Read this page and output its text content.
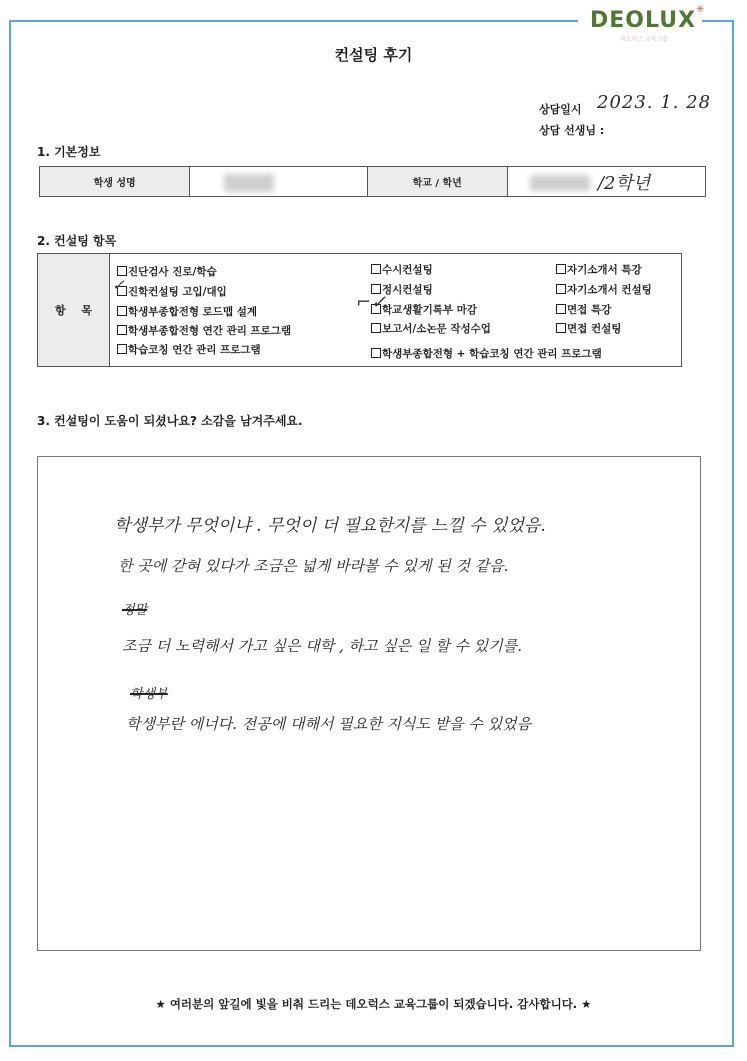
DEOLUX ✳
데오럭스 교육그룹
컨설팅 후기
상담일시 2023. 1. 28
상담 선생님 :
1. 기본정보
학생 성명	학교 / 학년	/2학년
2. 컨설팅 항목
항 목
진단검사 진로/학습
진학컨설팅 고입/대입
학생부종합전형 로드맵 설계
학생부종합전형 연간 관리 프로그램
학습코칭 연간 관리 프로그램
수시컨설팅
정시컨설팅
학교생활기록부 마감
보고서/소논문 작성수업
학생부종합전형 + 학습코칭 연간 관리 프로그램
자기소개서 특강
자기소개서 컨설팅
면접 특강
면접 컨설팅
✓
⌐✓
3. 컨설팅이 도움이 되셨나요? 소감을 남겨주세요.
학생부가 무엇이냐 . 무엇이 더 필요한지를 느낄 수 있었음.
한 곳에 갇혀 있다가 조금은 넓게 바라볼 수 있게 된 것 같음.
정말
조금 더 노력해서 가고 싶은 대학 , 하고 싶은 일 할 수 있기를.
학생부
학생부란 에너다. 전공에 대해서 필요한 지식도 받을 수 있었음
★ 여러분의 앞길에 빛을 비춰 드리는 데오럭스 교육그룹이 되겠습니다. 감사합니다. ★
